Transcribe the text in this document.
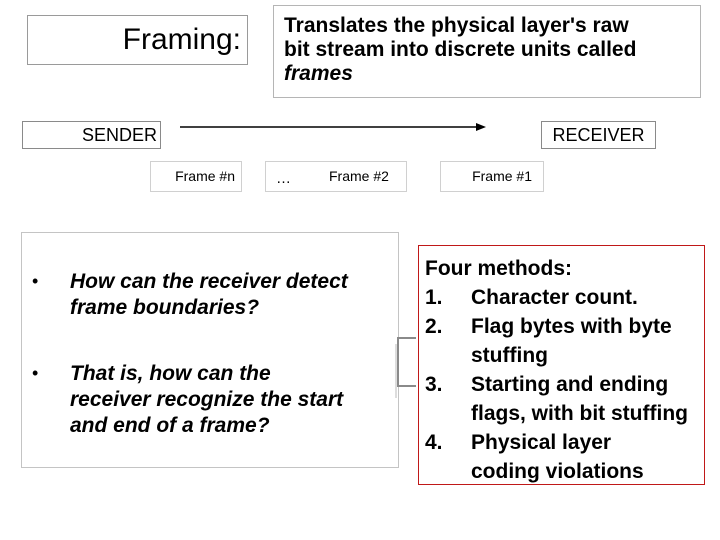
Framing:	Translates the physical layer's raw
bit stream into discrete units called
frames
SENDER	RECEIVER
Frame #n	…	Frame #2	Frame #1
• How can the receiver detect
frame boundaries?
• That is, how can the
receiver recognize the start
and end of a frame?
Four methods:
1. Character count.
2. Flag bytes with byte
stuffing
3. Starting and ending
flags, with bit stuffing
4. Physical layer
coding violations
